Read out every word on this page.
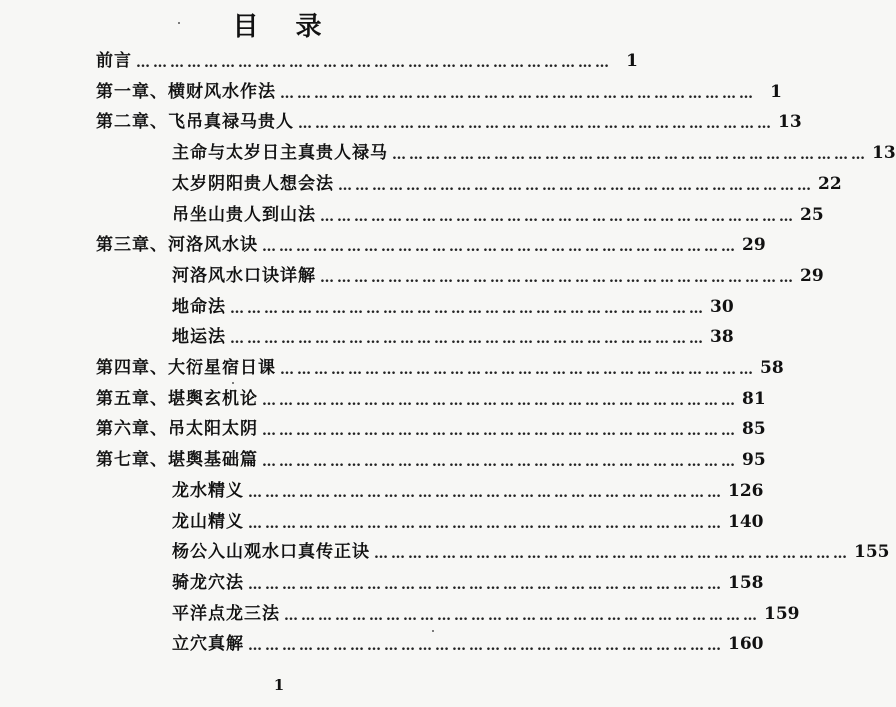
目 录
前言 ………………………………………………………………………… 1
第一章、横财风水作法 ………………………………………………………………………… 1
第二章、飞吊真禄马贵人 ………………………………………………………………………… 13
主命与太岁日主真贵人禄马 ………………………………………………………………………… 13
太岁阴阳贵人想会法 ………………………………………………………………………… 22
吊坐山贵人到山法 ………………………………………………………………………… 25
第三章、河洛风水诀 ………………………………………………………………………… 29
河洛风水口诀详解 ………………………………………………………………………… 29
地命法 ………………………………………………………………………… 30
地运法 ………………………………………………………………………… 38
第四章、大衍星宿日课 ………………………………………………………………………… 58
第五章、堪舆玄机论 ………………………………………………………………………… 81
第六章、吊太阳太阴 ………………………………………………………………………… 85
第七章、堪舆基础篇 ………………………………………………………………………… 95
龙水精义 ………………………………………………………………………… 126
龙山精义 ………………………………………………………………………… 140
杨公入山观水口真传正诀 ………………………………………………………………………… 155
骑龙穴法 ………………………………………………………………………… 158
平洋点龙三法 ………………………………………………………………………… 159
立穴真解 ………………………………………………………………………… 160
1
